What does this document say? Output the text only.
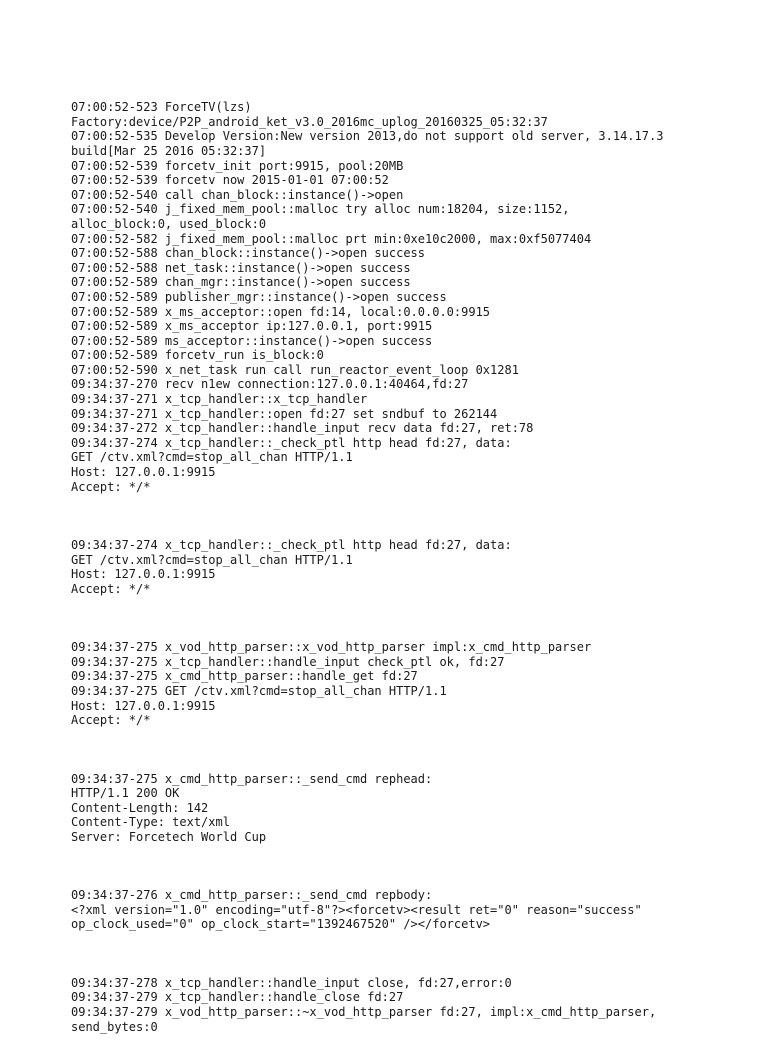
07:00:52-523 ForceTV(lzs)
Factory:device/P2P_android_ket_v3.0_2016mc_uplog_20160325_05:32:37
07:00:52-535 Develop Version:New version 2013,do not support old server, 3.14.17.3
build[Mar 25 2016 05:32:37]
07:00:52-539 forcetv_init port:9915, pool:20MB
07:00:52-539 forcetv now 2015-01-01 07:00:52
07:00:52-540 call chan_block::instance()->open
07:00:52-540 j_fixed_mem_pool::malloc try alloc num:18204, size:1152,
alloc_block:0, used_block:0
07:00:52-582 j_fixed_mem_pool::malloc prt min:0xe10c2000, max:0xf5077404
07:00:52-588 chan_block::instance()->open success
07:00:52-588 net_task::instance()->open success
07:00:52-589 chan_mgr::instance()->open success
07:00:52-589 publisher_mgr::instance()->open success
07:00:52-589 x_ms_acceptor::open fd:14, local:0.0.0.0:9915
07:00:52-589 x_ms_acceptor ip:127.0.0.1, port:9915
07:00:52-589 ms_acceptor::instance()->open success
07:00:52-589 forcetv_run is_block:0
07:00:52-590 x_net_task run call run_reactor_event_loop 0x1281
09:34:37-270 recv n1ew connection:127.0.0.1:40464,fd:27
09:34:37-271 x_tcp_handler::x_tcp_handler
09:34:37-271 x_tcp_handler::open fd:27 set sndbuf to 262144
09:34:37-272 x_tcp_handler::handle_input recv data fd:27, ret:78
09:34:37-274 x_tcp_handler::_check_ptl http head fd:27, data:
GET /ctv.xml?cmd=stop_all_chan HTTP/1.1
Host: 127.0.0.1:9915
Accept: */*
09:34:37-274 x_tcp_handler::_check_ptl http head fd:27, data:
GET /ctv.xml?cmd=stop_all_chan HTTP/1.1
Host: 127.0.0.1:9915
Accept: */*
09:34:37-275 x_vod_http_parser::x_vod_http_parser impl:x_cmd_http_parser
09:34:37-275 x_tcp_handler::handle_input check_ptl ok, fd:27
09:34:37-275 x_cmd_http_parser::handle_get fd:27
09:34:37-275 GET /ctv.xml?cmd=stop_all_chan HTTP/1.1
Host: 127.0.0.1:9915
Accept: */*
09:34:37-275 x_cmd_http_parser::_send_cmd rephead:
HTTP/1.1 200 OK
Content-Length: 142
Content-Type: text/xml
Server: Forcetech World Cup
09:34:37-276 x_cmd_http_parser::_send_cmd repbody:
<?xml version="1.0" encoding="utf-8"?><forcetv><result ret="0" reason="success"
op_clock_used="0" op_clock_start="1392467520" /></forcetv>
09:34:37-278 x_tcp_handler::handle_input close, fd:27,error:0
09:34:37-279 x_tcp_handler::handle_close fd:27
09:34:37-279 x_vod_http_parser::~x_vod_http_parser fd:27, impl:x_cmd_http_parser,
send_bytes:0
